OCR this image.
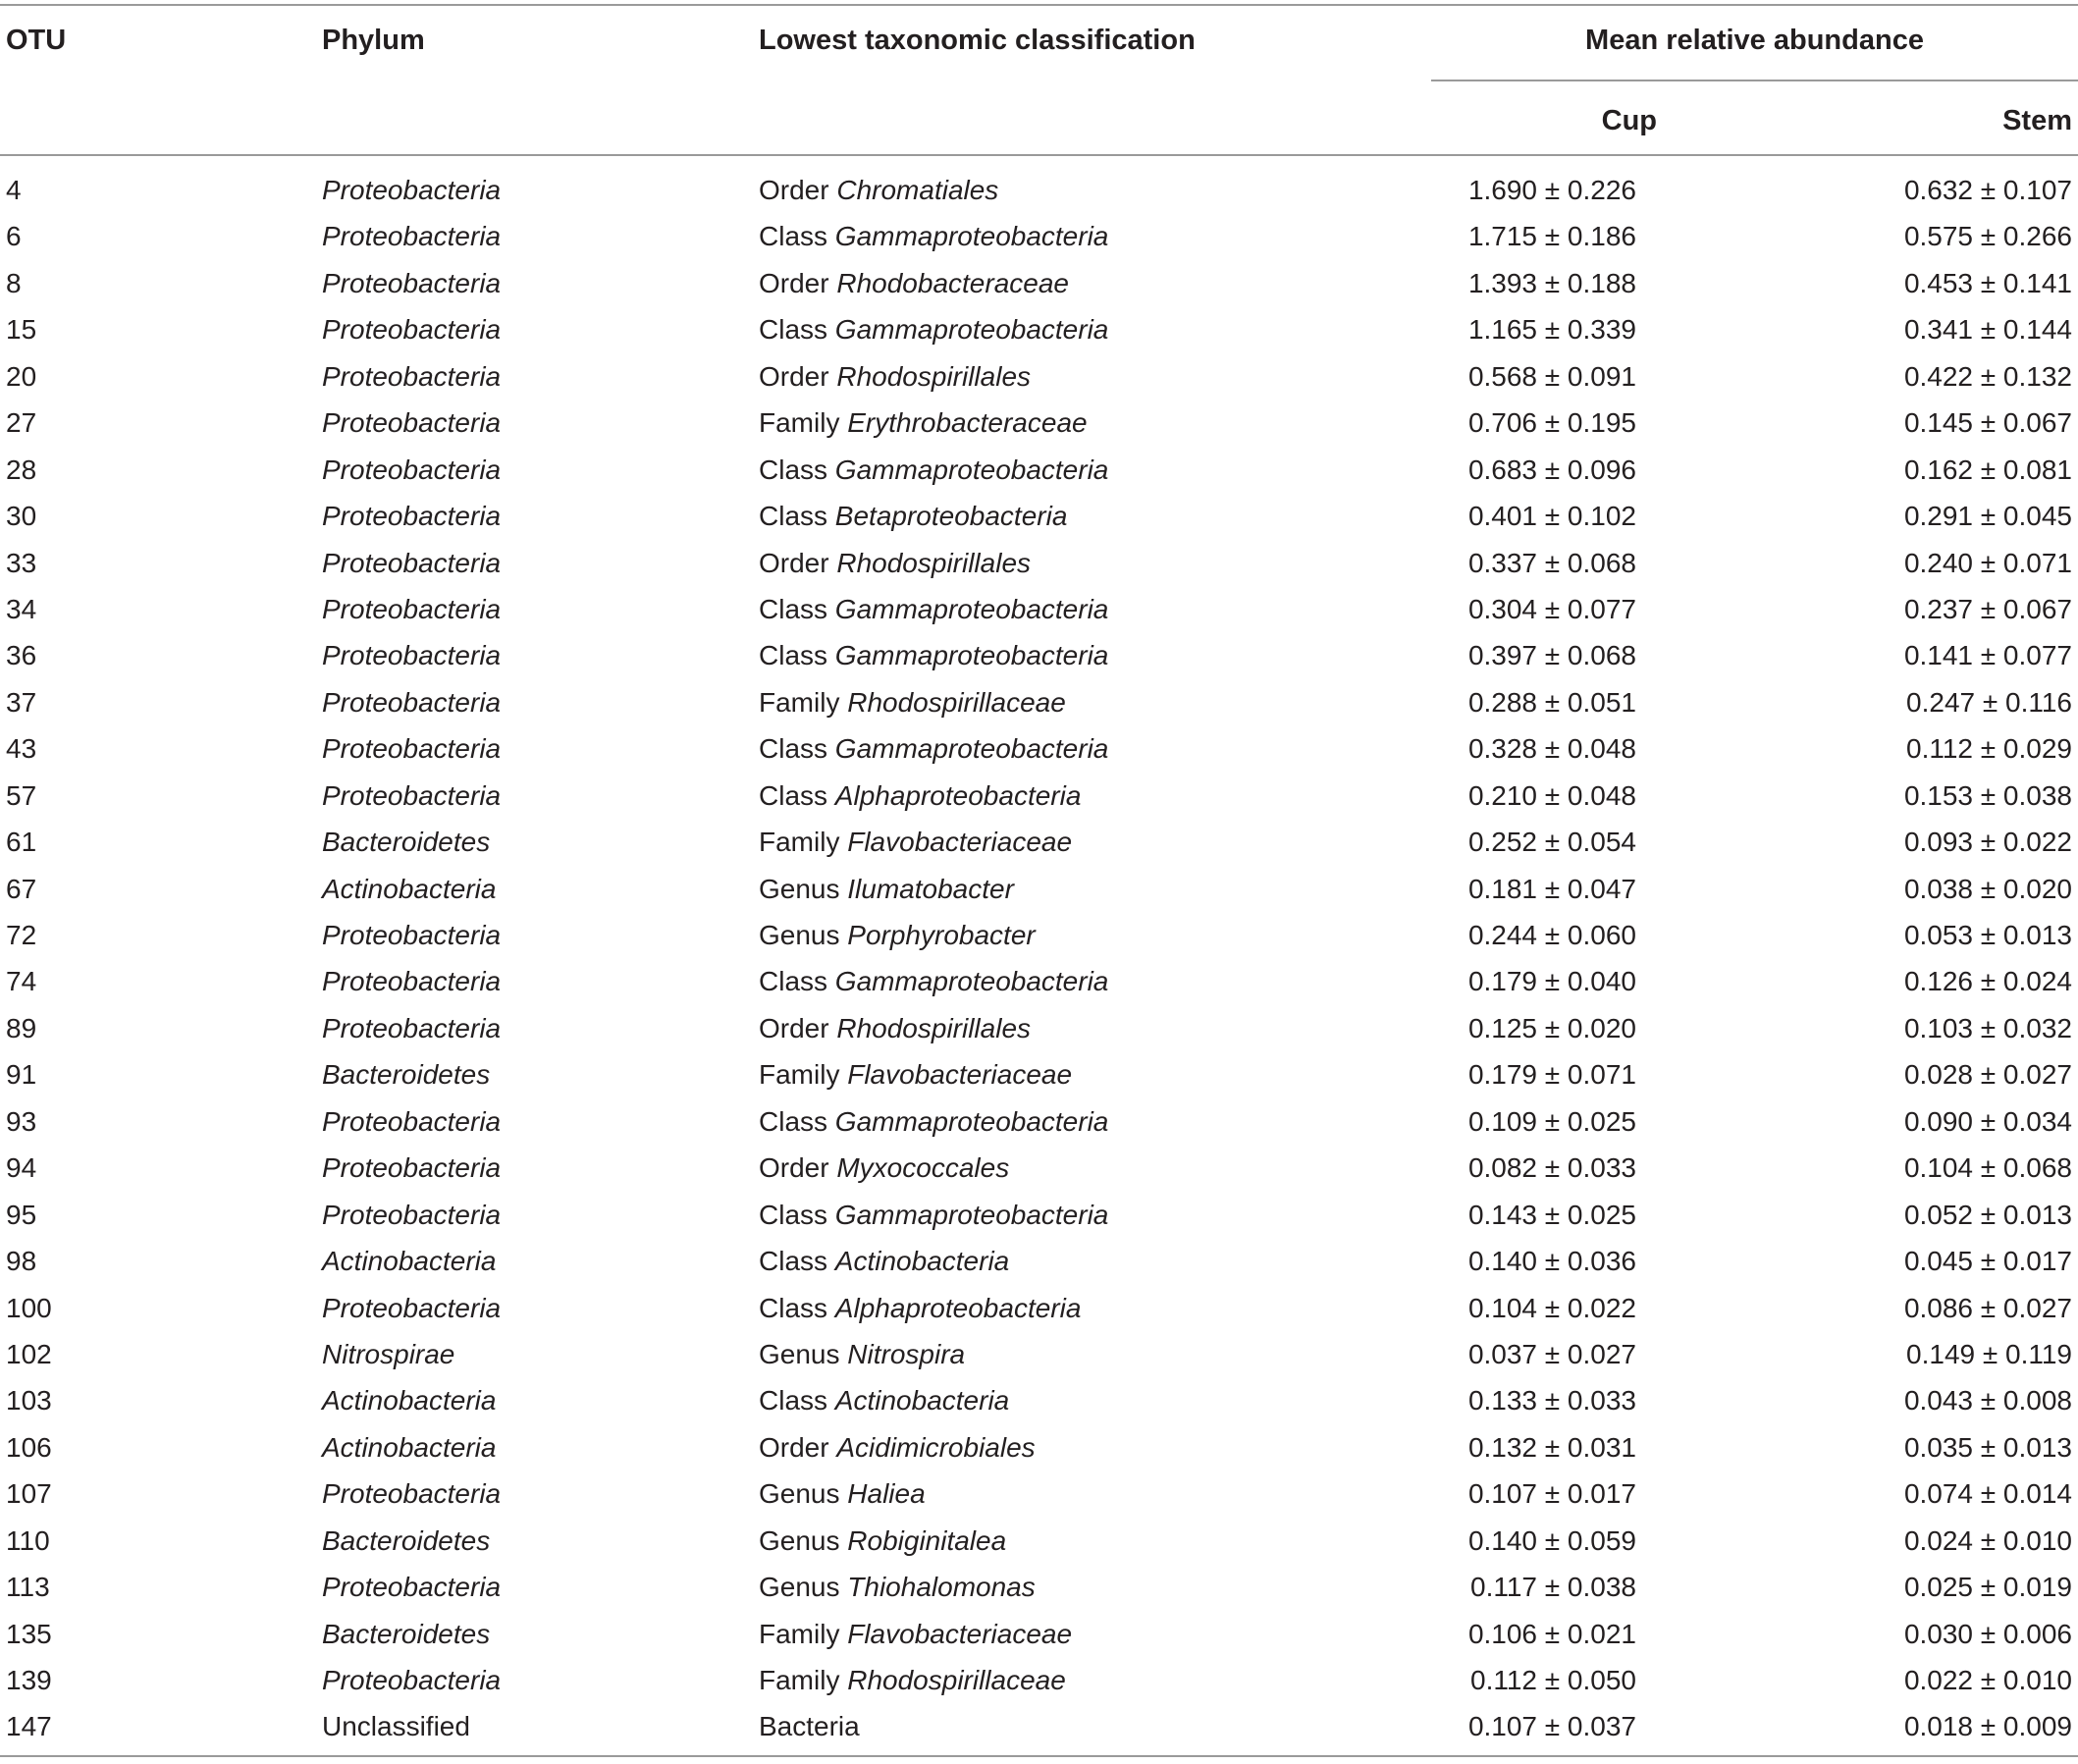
OTU	Phylum	Lowest taxonomic classification	Mean relative abundance
Cup	Stem
4	Proteobacteria	Order Chromatiales	1.690 ± 0.226	0.632 ± 0.107
6	Proteobacteria	Class Gammaproteobacteria	1.715 ± 0.186	0.575 ± 0.266
8	Proteobacteria	Order Rhodobacteraceae	1.393 ± 0.188	0.453 ± 0.141
15	Proteobacteria	Class Gammaproteobacteria	1.165 ± 0.339	0.341 ± 0.144
20	Proteobacteria	Order Rhodospirillales	0.568 ± 0.091	0.422 ± 0.132
27	Proteobacteria	Family Erythrobacteraceae	0.706 ± 0.195	0.145 ± 0.067
28	Proteobacteria	Class Gammaproteobacteria	0.683 ± 0.096	0.162 ± 0.081
30	Proteobacteria	Class Betaproteobacteria	0.401 ± 0.102	0.291 ± 0.045
33	Proteobacteria	Order Rhodospirillales	0.337 ± 0.068	0.240 ± 0.071
34	Proteobacteria	Class Gammaproteobacteria	0.304 ± 0.077	0.237 ± 0.067
36	Proteobacteria	Class Gammaproteobacteria	0.397 ± 0.068	0.141 ± 0.077
37	Proteobacteria	Family Rhodospirillaceae	0.288 ± 0.051	0.247 ± 0.116
43	Proteobacteria	Class Gammaproteobacteria	0.328 ± 0.048	0.112 ± 0.029
57	Proteobacteria	Class Alphaproteobacteria	0.210 ± 0.048	0.153 ± 0.038
61	Bacteroidetes	Family Flavobacteriaceae	0.252 ± 0.054	0.093 ± 0.022
67	Actinobacteria	Genus Ilumatobacter	0.181 ± 0.047	0.038 ± 0.020
72	Proteobacteria	Genus Porphyrobacter	0.244 ± 0.060	0.053 ± 0.013
74	Proteobacteria	Class Gammaproteobacteria	0.179 ± 0.040	0.126 ± 0.024
89	Proteobacteria	Order Rhodospirillales	0.125 ± 0.020	0.103 ± 0.032
91	Bacteroidetes	Family Flavobacteriaceae	0.179 ± 0.071	0.028 ± 0.027
93	Proteobacteria	Class Gammaproteobacteria	0.109 ± 0.025	0.090 ± 0.034
94	Proteobacteria	Order Myxococcales	0.082 ± 0.033	0.104 ± 0.068
95	Proteobacteria	Class Gammaproteobacteria	0.143 ± 0.025	0.052 ± 0.013
98	Actinobacteria	Class Actinobacteria	0.140 ± 0.036	0.045 ± 0.017
100	Proteobacteria	Class Alphaproteobacteria	0.104 ± 0.022	0.086 ± 0.027
102	Nitrospirae	Genus Nitrospira	0.037 ± 0.027	0.149 ± 0.119
103	Actinobacteria	Class Actinobacteria	0.133 ± 0.033	0.043 ± 0.008
106	Actinobacteria	Order Acidimicrobiales	0.132 ± 0.031	0.035 ± 0.013
107	Proteobacteria	Genus Haliea	0.107 ± 0.017	0.074 ± 0.014
110	Bacteroidetes	Genus Robiginitalea	0.140 ± 0.059	0.024 ± 0.010
113	Proteobacteria	Genus Thiohalomonas	0.117 ± 0.038	0.025 ± 0.019
135	Bacteroidetes	Family Flavobacteriaceae	0.106 ± 0.021	0.030 ± 0.006
139	Proteobacteria	Family Rhodospirillaceae	0.112 ± 0.050	0.022 ± 0.010
147	Unclassified	Bacteria	0.107 ± 0.037	0.018 ± 0.009
